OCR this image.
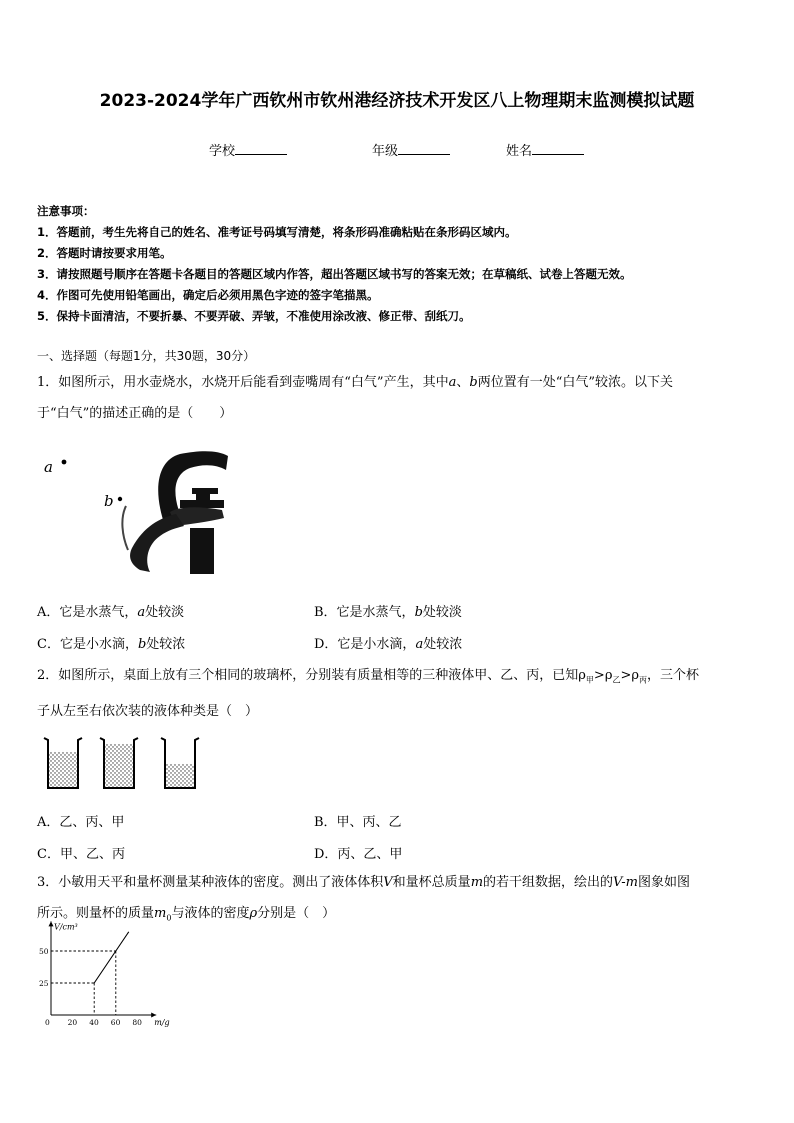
2023-2024学年广西钦州市钦州港经济技术开发区八上物理期末监测模拟试题
学校	年级	姓名
注意事项：
1．答题前，考生先将自己的姓名、准考证号码填写清楚，将条形码准确粘贴在条形码区域内。
2．答题时请按要求用笔。
3．请按照题号顺序在答题卡各题目的答题区域内作答，超出答题区域书写的答案无效；在草稿纸、试卷上答题无效。
4．作图可先使用铅笔画出，确定后必须用黑色字迹的签字笔描黑。
5．保持卡面清洁，不要折暴、不要弄破、弄皱，不准使用涂改液、修正带、刮纸刀。
一、选择题（每题1分，共30题，30分）
1．如图所示，用水壶烧水，水烧开后能看到壶嘴周有“白气”产生，其中a、b两位置有一处“白气”较浓。以下关
于“白气”的描述正确的是（　　）
a
b
A．它是水蒸气，a处较淡	B．它是水蒸气，b处较淡
C．它是小水滴，b处较浓	D．它是小水滴，a处较浓
2．如图所示，桌面上放有三个相同的玻璃杯，分别装有质量相等的三种液体甲、乙、丙，已知$\rho_甲>\rho_乙>\rho_丙$，三个杯
子从左至右依次装的液体种类是（　）
A．乙、丙、甲	B．甲、丙、乙
C．甲、乙、丙	D．丙、乙、甲
3．小敏用天平和量杯测量某种液体的密度。测出了液体体积V和量杯总质量m的若干组数据，绘出的V-m图象如图
所示。则量杯的质量$m_0$与液体的密度ρ分别是（　）
m/g
V/cm³
0 20 40 60 80
25
50
